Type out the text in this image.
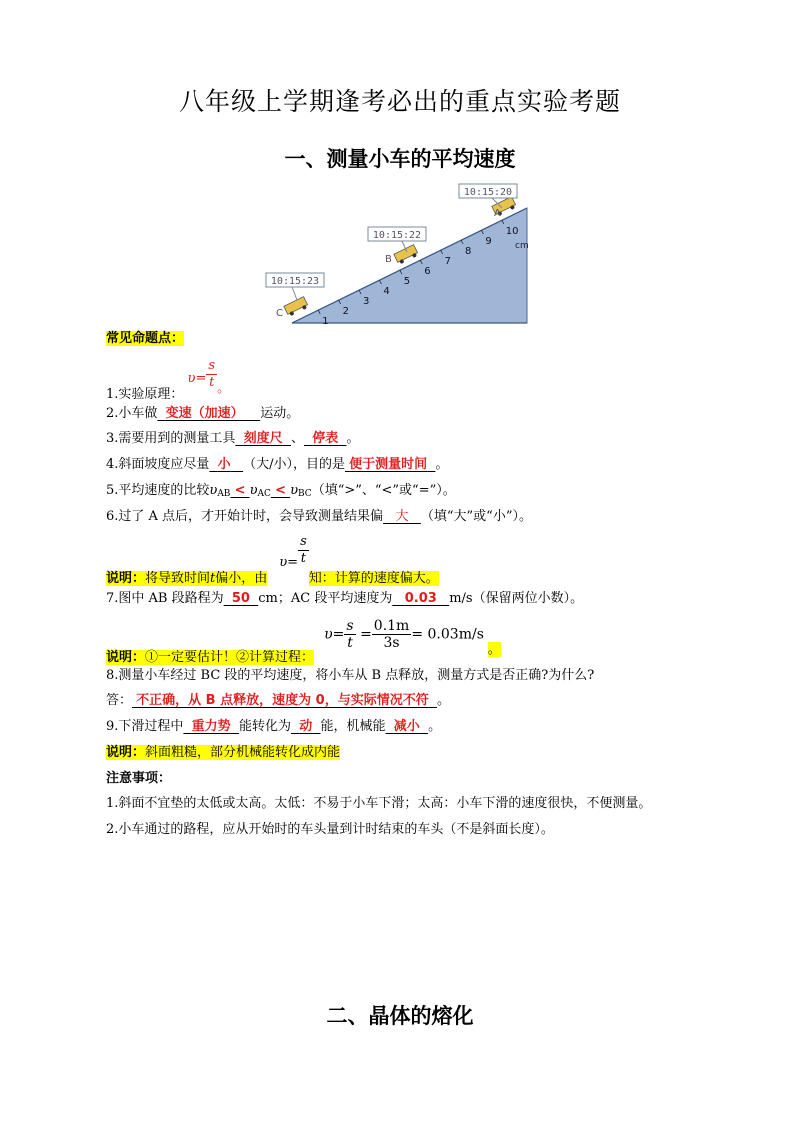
八年级上学期逢考必出的重点实验考题
一、测量小车的平均速度
1
2
3
4
5
6
7
8
9
10
10:15:20
10:15:22
10:15:23
A
B
C
cm
常见命题点：
1.实验原理： $\upsilon= \frac{s}{t}$ 。
2.小车做 变速（加速） 运动。
3.需要用到的测量工具 刻度尺 、 停表 。
4.斜面坡度应尽量 小 （大/小），目的是 便于测量时间 。
5.平均速度的比较$\upsilon_{AB} < \upsilon_{AC} < \upsilon_{BC}$（填“>”、“<”或“=”）。
6.过了 A 点后，才开始计时，会导致测量结果偏 大 （填“大”或“小”）。
说明：将导致时间t偏小，由$\upsilon= \frac{s}{t}$
知：计算的速度偏大。
7.图中 AB 段路程为 50 cm；AC 段平均速度为 0.03 m/s（保留两位小数）。
说明：①一定要估计！②计算过程： $\upsilon= \frac{s}{t} = \frac{0.1m}{3s} = 0.03m/s$。
8.测量小车经过 BC 段的平均速度，将小车从 B 点释放，测量方式是否正确?为什么?
答： 不正确，从 B 点释放，速度为 0，与实际情况不符 。
9.下滑过程中 重力势 能转化为 动 能，机械能 减小 。
说明：斜面粗糙，部分机械能转化成内能
注意事项：
1.斜面不宜垫的太低或太高。太低：不易于小车下滑；太高：小车下滑的速度很快，不便测量。
2.小车通过的路程，应从开始时的车头量到计时结束的车头（不是斜面长度）。
二、晶体的熔化
